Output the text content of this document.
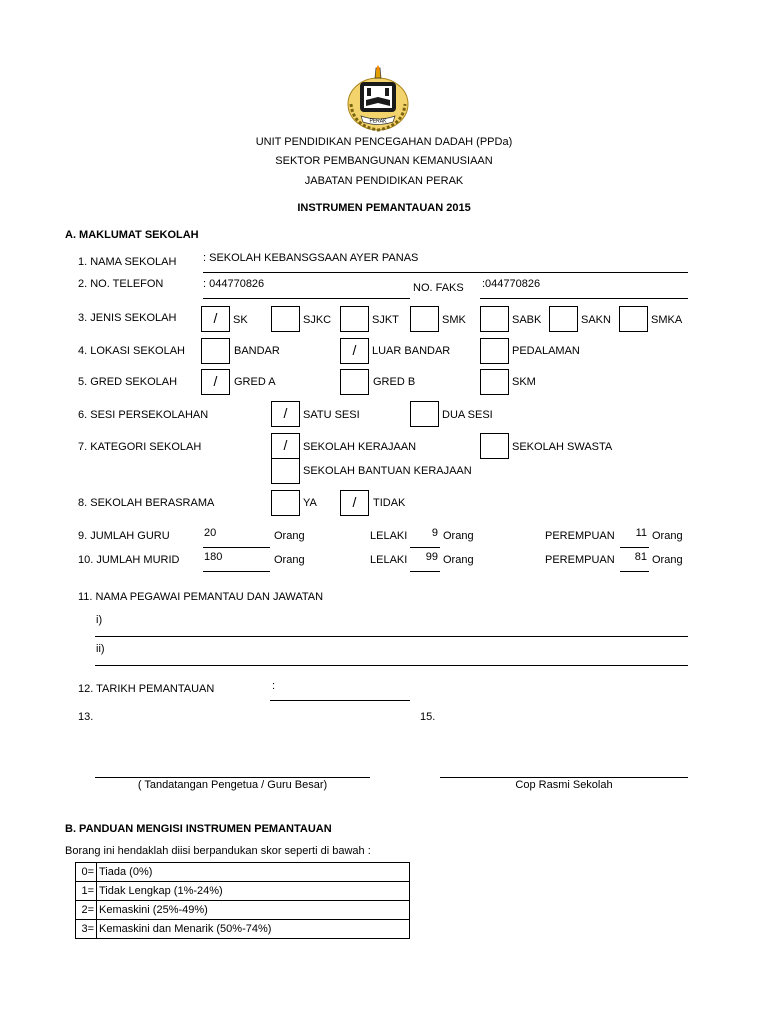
PERAK
UNIT PENDIDIKAN PENCEGAHAN DADAH (PPDa)
SEKTOR PEMBANGUNAN KEMANUSIAAN
JABATAN PENDIDIKAN PERAK
INSTRUMEN PEMANTAUAN 2015
A. MAKLUMAT SEKOLAH
1. NAMA SEKOLAH : SEKOLAH KEBANSGSAAN AYER PANAS
2. NO. TELEFON	: 044770826	NO. FAKS :044770826
3. JENIS SEKOLAH	/	SK	SJKC	SJKT	SMK	SABK	SAKN	SMKA
4. LOKASI SEKOLAH	BANDAR	/	LUAR BANDAR	PEDALAMAN
5. GRED SEKOLAH	/	GRED A	GRED B	SKM
6. SESI PERSEKOLAHAN	/	SATU SESI	DUA SESI
7. KATEGORI SEKOLAH	/	SEKOLAH KERAJAAN	SEKOLAH SWASTA
SEKOLAH BANTUAN KERAJAAN
8. SEKOLAH BERASRAMA	YA	/	TIDAK
9. JUMLAH GURU	20	Orang	LELAKI	9 Orang	PEREMPUAN	11 Orang
10. JUMLAH MURID 180	Orang	LELAKI	99 Orang	PEREMPUAN	81 Orang
11. NAMA PEGAWAI PEMANTAU DAN JAWATAN
i)
ii)
12. TARIKH PEMANTAUAN	:
13.	15.
( Tandatangan Pengetua / Guru Besar)	Cop Rasmi Sekolah
B. PANDUAN MENGISI INSTRUMEN PEMANTAUAN
Borang ini hendaklah diisi berpandukan skor seperti di bawah :
0=	Tiada (0%)
1=	Tidak Lengkap (1%-24%)
2=	Kemaskini (25%-49%)
3=	Kemaskini dan Menarik (50%-74%)
